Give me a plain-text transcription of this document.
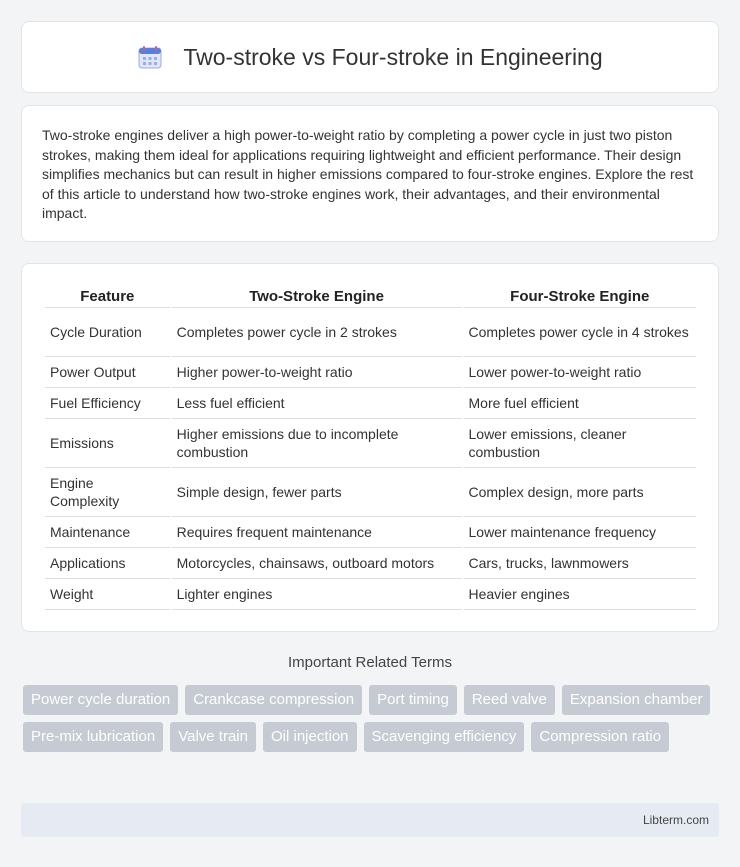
Two-stroke vs Four-stroke in Engineering

Two-stroke engines deliver a high power-to-weight ratio by completing a power cycle in just two piston strokes, making them ideal for applications requiring lightweight and efficient performance. Their design simplifies mechanics but can result in higher emissions compared to four-stroke engines. Explore the rest of this article to understand how two-stroke engines work, their advantages, and their environmental impact.

Feature	Two-Stroke Engine	Four-Stroke Engine
Cycle Duration	Completes power cycle in 2 strokes	Completes power cycle in 4 strokes
Power Output	Higher power-to-weight ratio	Lower power-to-weight ratio
Fuel Efficiency	Less fuel efficient	More fuel efficient
Emissions	Higher emissions due to incomplete combustion	Lower emissions, cleaner combustion
Engine Complexity	Simple design, fewer parts	Complex design, more parts
Maintenance	Requires frequent maintenance	Lower maintenance frequency
Applications	Motorcycles, chainsaws, outboard motors	Cars, trucks, lawnmowers
Weight	Lighter engines	Heavier engines
Important Related Terms
Power cycle duration	Crankcase compression	Port timing	Reed valve	Expansion chamber
Pre-mix lubrication	Valve train	Oil injection	Scavenging efficiency	Compression ratio
Libterm.com
